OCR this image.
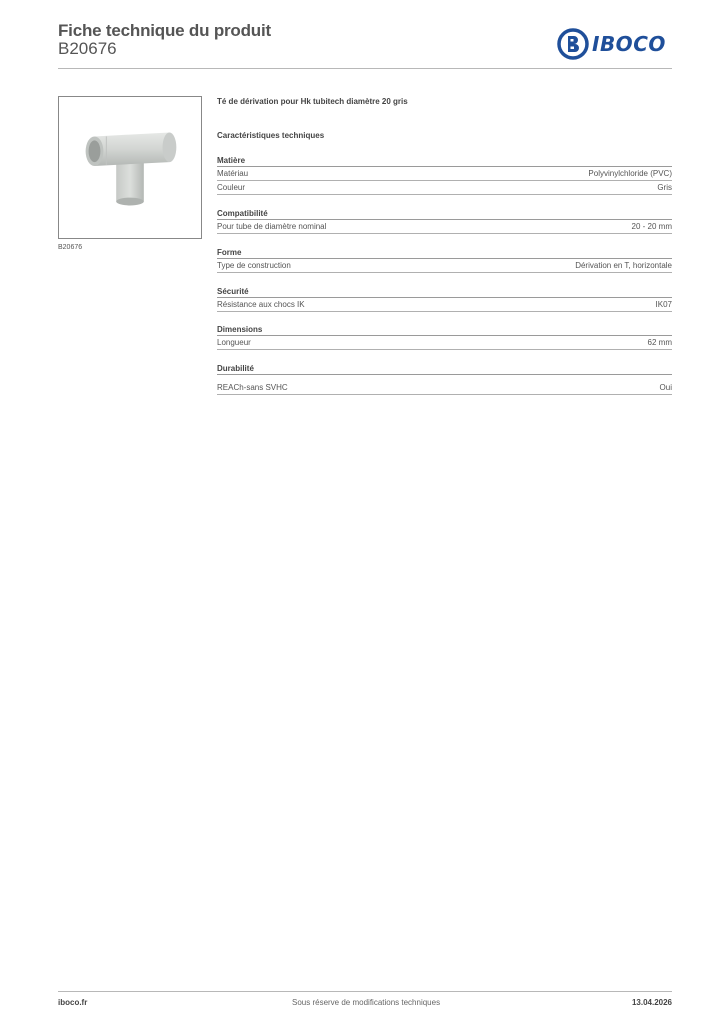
Fiche technique du produit
B20676	IBOCO
B20676
Té de dérivation pour Hk tubitech diamètre 20 gris
Caractéristiques techniques
Matière
Matériau	Polyvinylchloride (PVC)
Couleur	Gris
Compatibilité
Pour tube de diamètre nominal	20 - 20 mm
Forme
Type de construction	Dérivation en T, horizontale
Sécurité
Résistance aux chocs IK	IK07
Dimensions
Longueur	62 mm
Durabilité
REACh-sans SVHC	Oui
iboco.fr	Sous réserve de modifications techniques	13.04.2026
